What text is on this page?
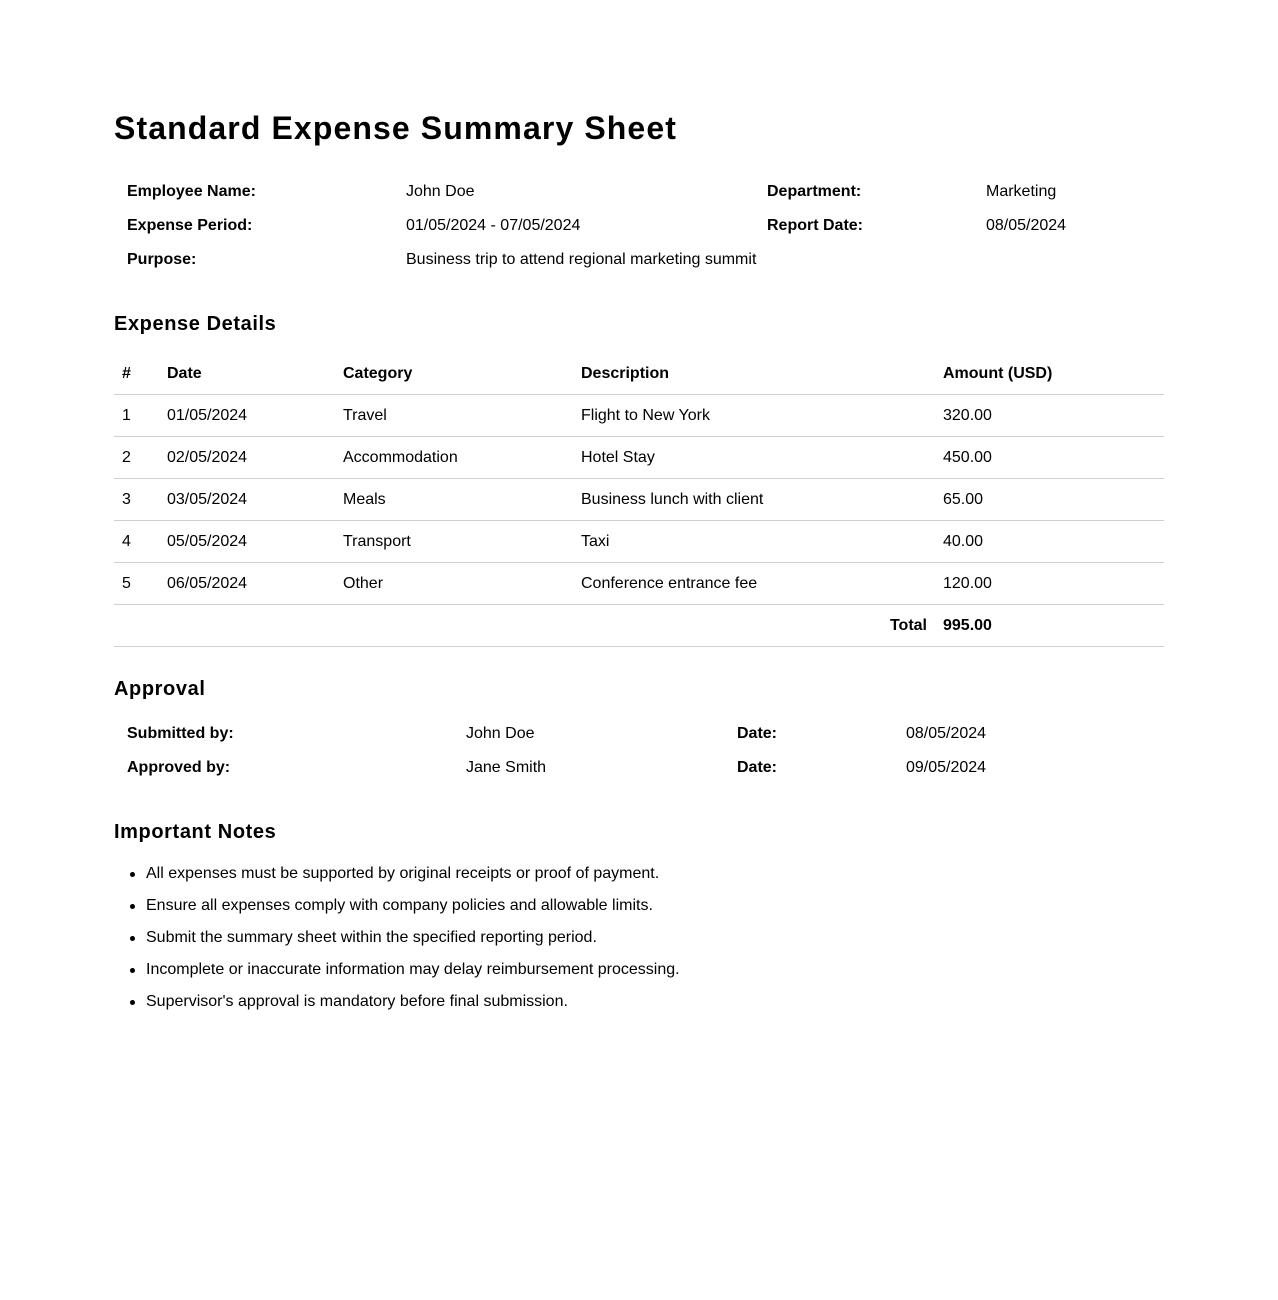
Standard Expense Summary Sheet
Employee Name:	John Doe	Department:	Marketing
Expense Period:	01/05/2024 - 07/05/2024	Report Date:	08/05/2024
Purpose:	Business trip to attend regional marketing summit
Expense Details
# Date	Category	Description	Amount (USD)
1 01/05/2024	Travel	Flight to New York	320.00
2 02/05/2024	Accommodation	Hotel Stay	450.00
3 03/05/2024	Meals	Business lunch with client	65.00
4 05/05/2024	Transport	Taxi	40.00
5 06/05/2024	Other	Conference entrance fee	120.00
Total 995.00
Approval
Submitted by:	John Doe	Date:	08/05/2024
Approved by:	Jane Smith	Date:	09/05/2024
Important Notes
All expenses must be supported by original receipts or proof of payment.
Ensure all expenses comply with company policies and allowable limits.
Submit the summary sheet within the specified reporting period.
Incomplete or inaccurate information may delay reimbursement processing.
Supervisor's approval is mandatory before final submission.
